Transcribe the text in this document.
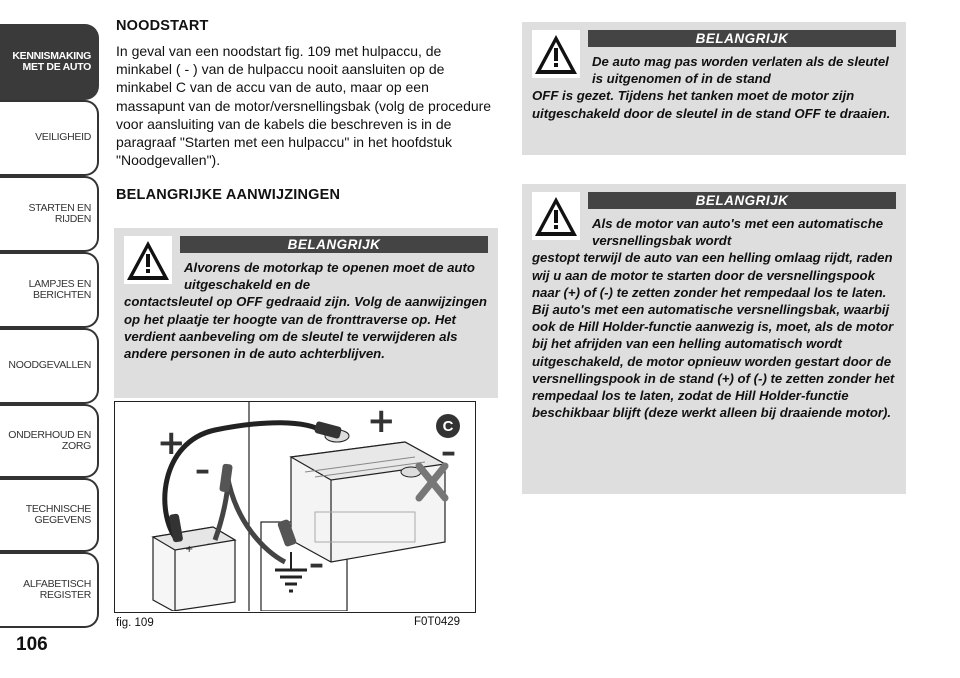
KENNISMAKING MET DE AUTO
VEILIGHEID
STARTEN EN RIJDEN
LAMPJES EN BERICHTEN
NOODGEVALLEN
ONDERHOUD EN ZORG
TECHNISCHE GEGEVENS
ALFABETISCH REGISTER
106
NOODSTART

In geval van een noodstart fig. 109 met hulpaccu, de minkabel ( - ) van de hulpaccu nooit aansluiten op de minkabel C van de accu van de auto, maar op een massapunt van de motor/versnellingsbak (volg de procedure voor aansluiting van de kabels die beschreven is in de paragraaf "Starten met een hulpaccu" in het hoofdstuk "Noodgevallen").

BELANGRIJKE AANWIJZINGEN
BELANGRIJK
Alvorens de motorkap te openen moet de auto uitgeschakeld en de
contactsleutel op OFF gedraaid zijn. Volg de aanwijzingen op het plaatje ter hoogte van de fronttraverse op. Het verdient aanbeveling om de sleutel te verwijderen als andere personen in de auto achterblijven.
BELANGRIJK
De auto mag pas worden verlaten als de sleutel is uitgenomen of in de stand
OFF is gezet. Tijdens het tanken moet de motor zijn uitgeschakeld door de sleutel in de stand OFF te draaien.
BELANGRIJK
Als de motor van auto's met een automatische versnellingsbak wordt
gestopt terwijl de auto van een helling omlaag rijdt, raden wij u aan de motor te starten door de versnellingspook naar (+) of (-) te zetten zonder het rempedaal los te laten. Bij auto's met een automatische versnellingsbak, waarbij ook de Hill Holder-functie aanwezig is, moet, als de motor bij het afrijden van een helling automatisch wordt uitgeschakeld, de motor opnieuw worden gestart door de versnellingspook in de stand (+) of (-) te zetten zonder het rempedaal los te laten, zodat de Hill Holder-functie beschikbaar blijft (deze werkt alleen bij draaiende motor).
+ -
C
+
–
+
–
–
fig. 109	F0T0429
